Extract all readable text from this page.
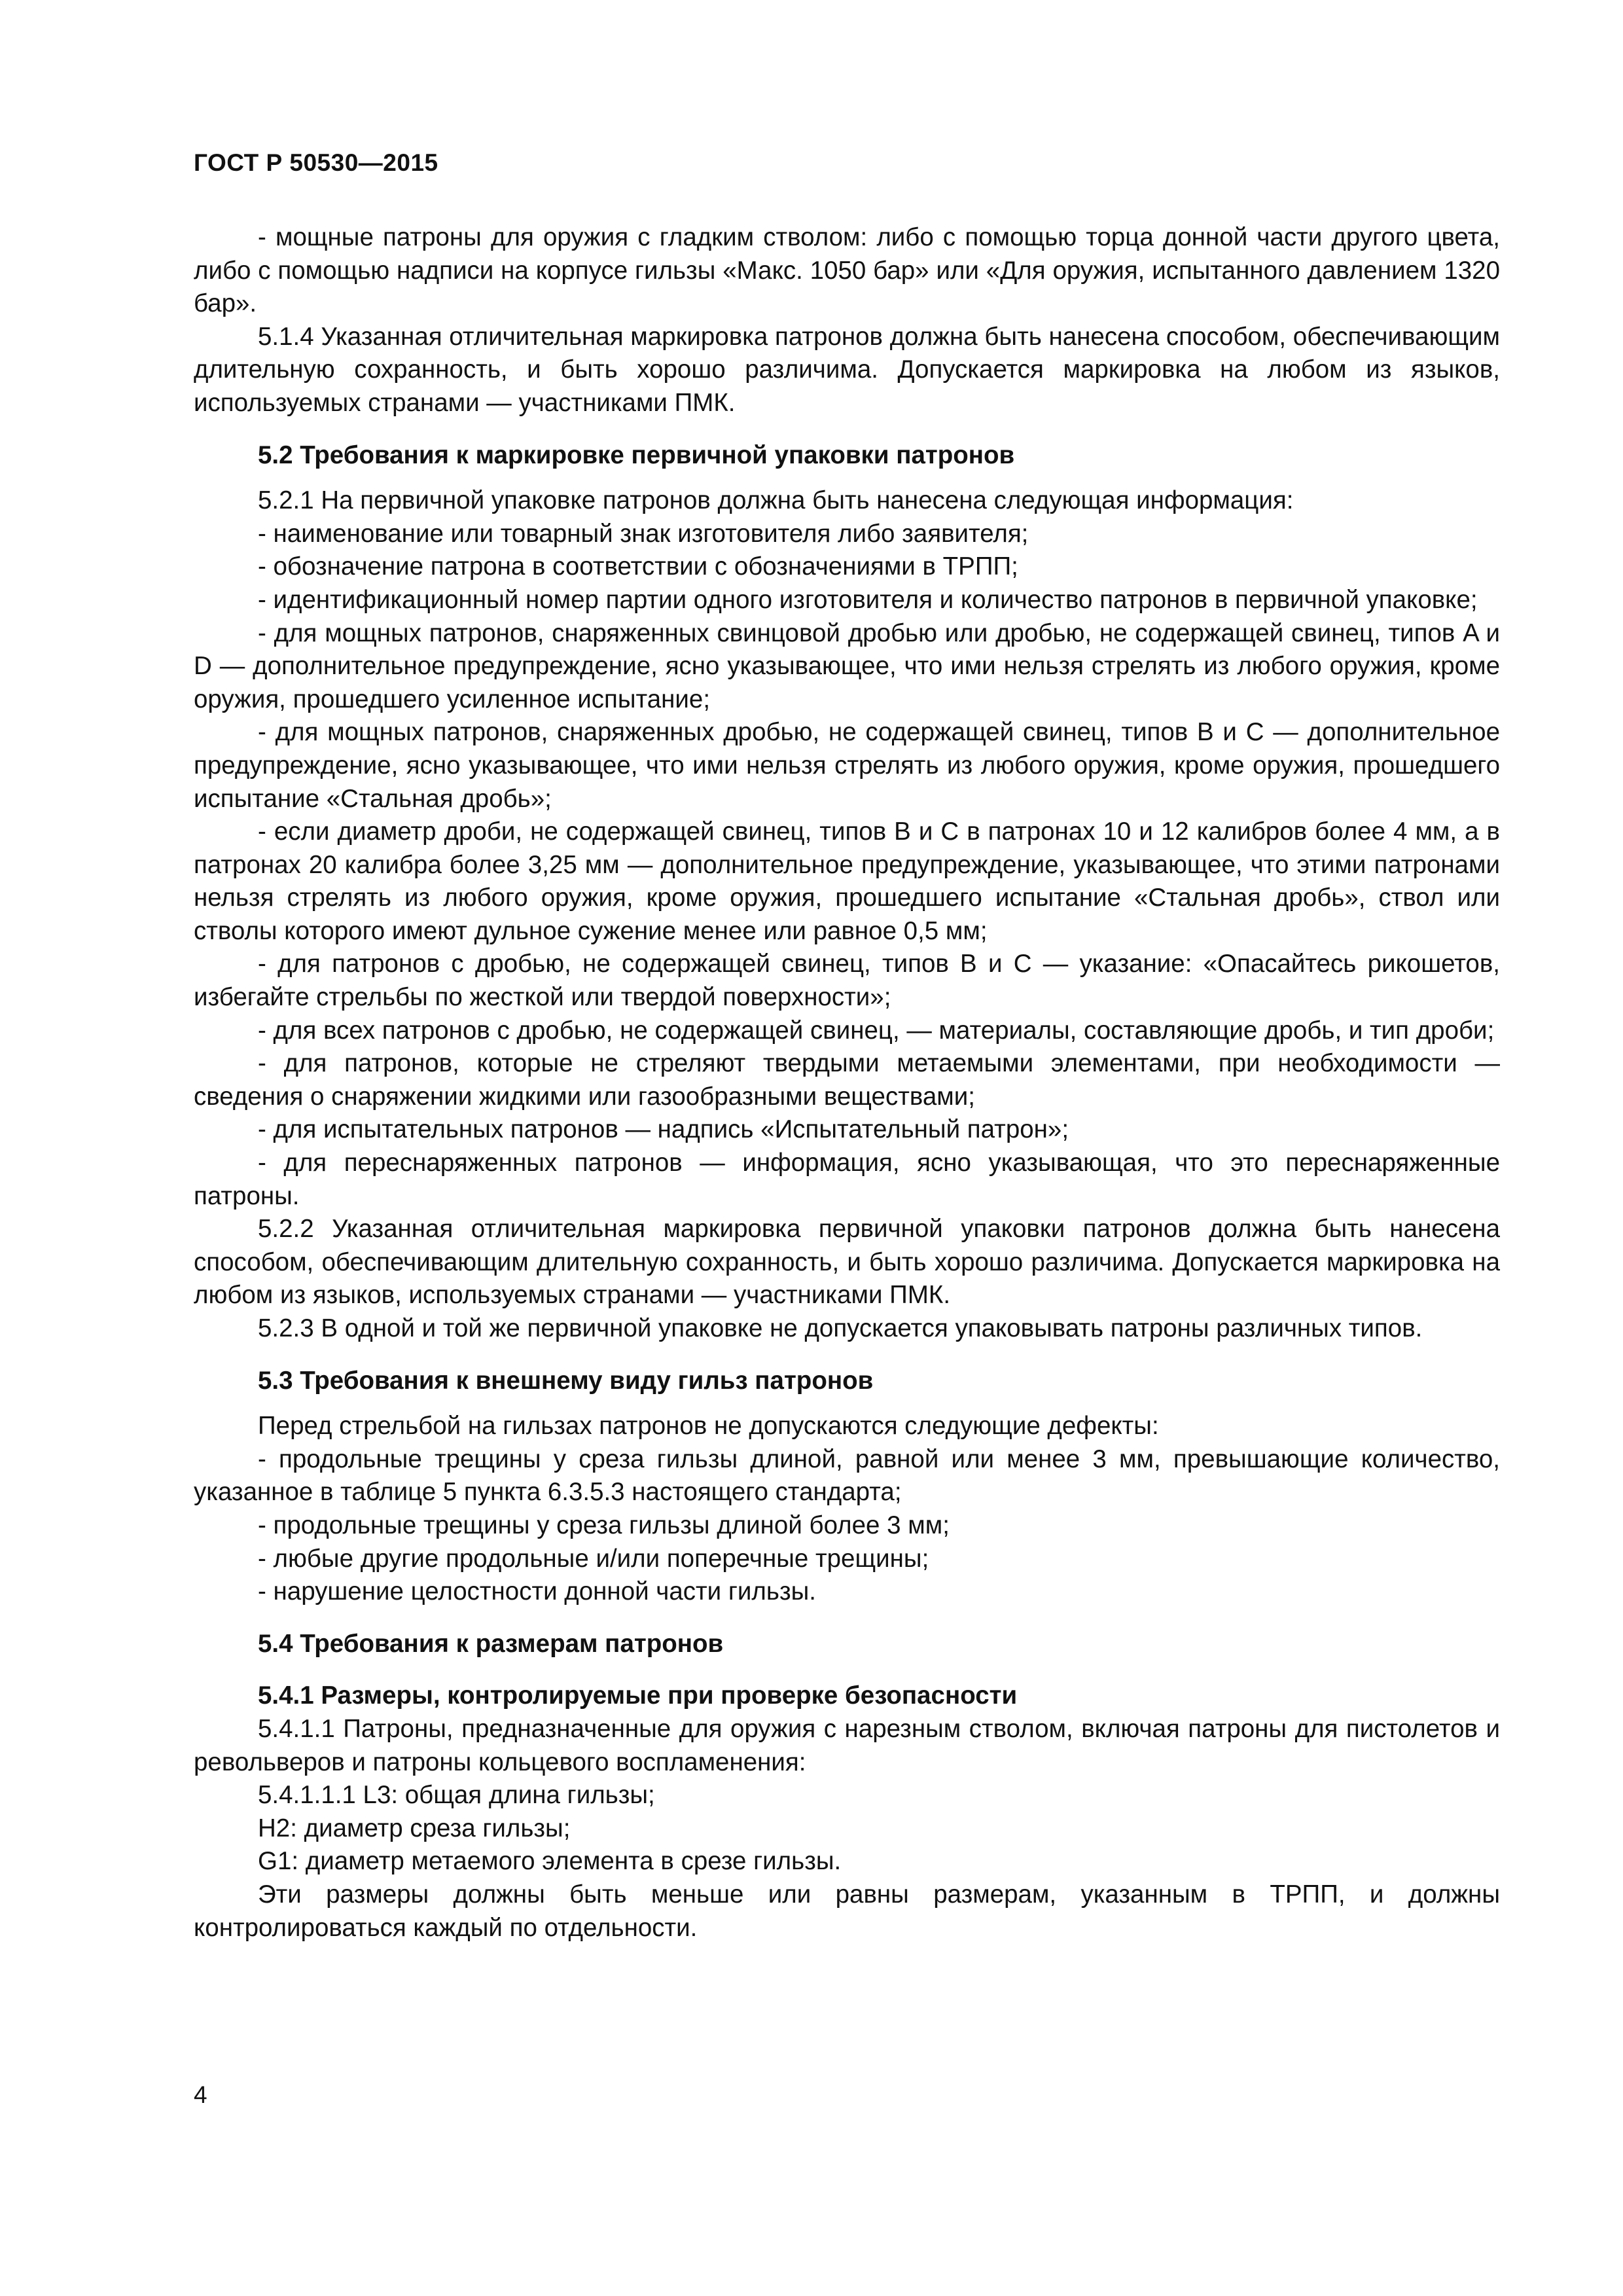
ГОСТ Р 50530—2015

- мощные патроны для оружия с гладким стволом: либо с помощью торца донной части другого цвета, либо с помощью надписи на корпусе гильзы «Макс. 1050 бар» или «Для оружия, испытанного давлением 1320 бар».

5.1.4 Указанная отличительная маркировка патронов должна быть нанесена способом, обеспечивающим длительную сохранность, и быть хорошо различима. Допускается маркировка на любом из языков, используемых странами — участниками ПМК.

5.2 Требования к маркировке первичной упаковки патронов

5.2.1 На первичной упаковке патронов должна быть нанесена следующая информация:

- наименование или товарный знак изготовителя либо заявителя;

- обозначение патрона в соответствии с обозначениями в ТРПП;

- идентификационный номер партии одного изготовителя и количество патронов в первичной упаковке;

- для мощных патронов, снаряженных свинцовой дробью или дробью, не содержащей свинец, типов A и D — дополнительное предупреждение, ясно указывающее, что ими нельзя стрелять из любого оружия, кроме оружия, прошедшего усиленное испытание;

- для мощных патронов, снаряженных дробью, не содержащей свинец, типов B и C — дополнительное предупреждение, ясно указывающее, что ими нельзя стрелять из любого оружия, кроме оружия, прошедшего испытание «Стальная дробь»;

- если диаметр дроби, не содержащей свинец, типов B и C в патронах 10 и 12 калибров более 4 мм, а в патронах 20 калибра более 3,25 мм — дополнительное предупреждение, указывающее, что этими патронами нельзя стрелять из любого оружия, кроме оружия, прошедшего испытание «Стальная дробь», ствол или стволы которого имеют дульное сужение менее или равное 0,5 мм;

- для патронов с дробью, не содержащей свинец, типов B и C — указание: «Опасайтесь рикошетов, избегайте стрельбы по жесткой или твердой поверхности»;

- для всех патронов с дробью, не содержащей свинец, — материалы, составляющие дробь, и тип дроби;

- для патронов, которые не стреляют твердыми метаемыми элементами, при необходимости — сведения о снаряжении жидкими или газообразными веществами;

- для испытательных патронов — надпись «Испытательный патрон»;

- для переснаряженных патронов — информация, ясно указывающая, что это переснаряженные патроны.

5.2.2 Указанная отличительная маркировка первичной упаковки патронов должна быть нанесена способом, обеспечивающим длительную сохранность, и быть хорошо различима. Допускается маркировка на любом из языков, используемых странами — участниками ПМК.

5.2.3 В одной и той же первичной упаковке не допускается упаковывать патроны различных типов.

5.3 Требования к внешнему виду гильз патронов

Перед стрельбой на гильзах патронов не допускаются следующие дефекты:

- продольные трещины у среза гильзы длиной, равной или менее 3 мм, превышающие количество, указанное в таблице 5 пункта 6.3.5.3 настоящего стандарта;

- продольные трещины у среза гильзы длиной более 3 мм;

- любые другие продольные и/или поперечные трещины;

- нарушение целостности донной части гильзы.

5.4 Требования к размерам патронов
5.4.1 Размеры, контролируемые при проверке безопасности

5.4.1.1 Патроны, предназначенные для оружия с нарезным стволом, включая патроны для пистолетов и револьверов и патроны кольцевого воспламенения:

5.4.1.1.1 L3: общая длина гильзы;

H2: диаметр среза гильзы;

G1: диаметр метаемого элемента в срезе гильзы.

Эти размеры должны быть меньше или равны размерам, указанным в ТРПП, и должны контролироваться каждый по отдельности.

4
